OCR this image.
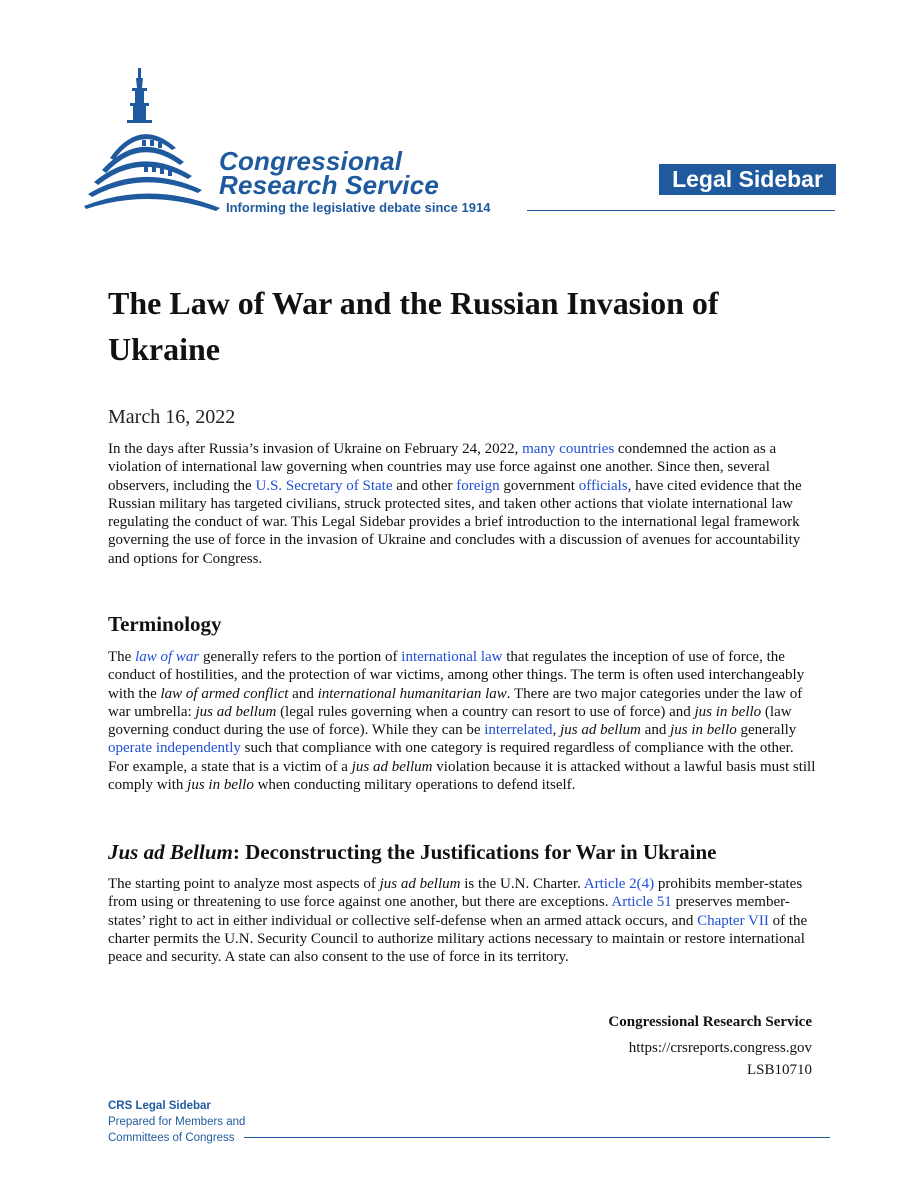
Congressional
Research Service
Informing the legislative debate since 1914
Legal Sidebar
The Law of War and the Russian Invasion of Ukraine
March 16, 2022
In the days after Russia’s invasion of Ukraine on February 24, 2022, many countries condemned the action as a violation of international law governing when countries may use force against one another. Since then, several observers, including the U.S. Secretary of State and other foreign government officials, have cited evidence that the Russian military has targeted civilians, struck protected sites, and taken other actions that violate international law regulating the conduct of war. This Legal Sidebar provides a brief introduction to the international legal framework governing the use of force in the invasion of Ukraine and concludes with a discussion of avenues for accountability and options for Congress.
Terminology
The law of war generally refers to the portion of international law that regulates the inception of use of force, the conduct of hostilities, and the protection of war victims, among other things. The term is often used interchangeably with the law of armed conflict and international humanitarian law. There are two major categories under the law of war umbrella: jus ad bellum (legal rules governing when a country can resort to use of force) and jus in bello (law governing conduct during the use of force). While they can be interrelated, jus ad bellum and jus in bello generally operate independently such that compliance with one category is required regardless of compliance with the other. For example, a state that is a victim of a jus ad bellum violation because it is attacked without a lawful basis must still comply with jus in bello when conducting military operations to defend itself.
Jus ad Bellum: Deconstructing the Justifications for War in Ukraine
The starting point to analyze most aspects of jus ad bellum is the U.N. Charter. Article 2(4) prohibits member-states from using or threatening to use force against one another, but there are exceptions. Article 51 preserves member-states’ right to act in either individual or collective self-defense when an armed attack occurs, and Chapter VII of the charter permits the U.N. Security Council to authorize military actions necessary to maintain or restore international peace and security. A state can also consent to the use of force in its territory.
Congressional Research Service
https://crsreports.congress.gov
LSB10710
CRS Legal Sidebar
Prepared for Members and
Committees of Congress
